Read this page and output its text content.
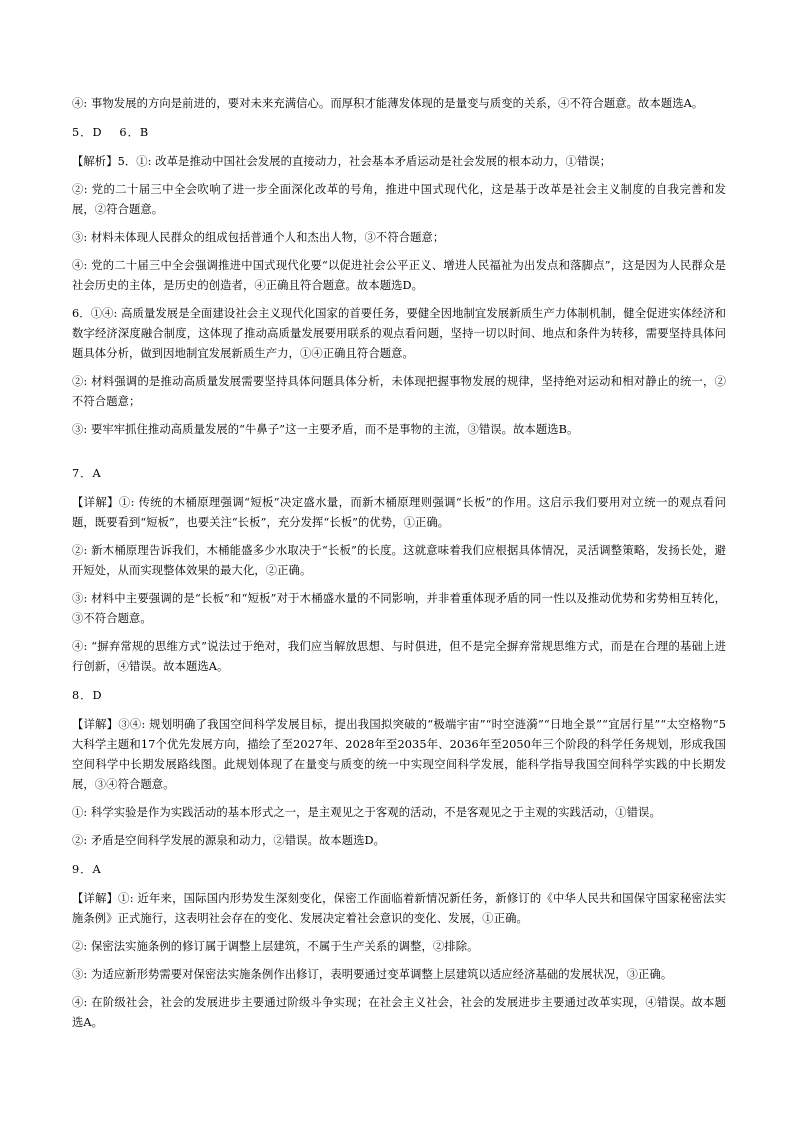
④: 事物发展的方向是前进的，要对未来充满信心。而厚积才能薄发体现的是量变与质变的关系，④不符合题意。故本题选A。

5．D　 6．B

【解析】5．①: 改革是推动中国社会发展的直接动力，社会基本矛盾运动是社会发展的根本动力，①错误；

②: 党的二十届三中全会吹响了进一步全面深化改革的号角，推进中国式现代化，这是基于改革是社会主义制度的自我完善和发展，②符合题意。

③: 材料未体现人民群众的组成包括普通个人和杰出人物，③不符合题意；

④: 党的二十届三中全会强调推进中国式现代化要“以促进社会公平正义、增进人民福祉为出发点和落脚点”，这是因为人民群众是社会历史的主体，是历史的创造者，④正确且符合题意。故本题选D。

6．①④: 高质量发展是全面建设社会主义现代化国家的首要任务，要健全因地制宜发展新质生产力体制机制，健全促进实体经济和数字经济深度融合制度，这体现了推动高质量发展要用联系的观点看问题，坚持一切以时间、地点和条件为转移，需要坚持具体问题具体分析，做到因地制宜发展新质生产力，①④正确且符合题意。

②: 材料强调的是推动高质量发展需要坚持具体问题具体分析，未体现把握事物发展的规律，坚持绝对运动和相对静止的统一，②不符合题意；

③: 要牢牢抓住推动高质量发展的“牛鼻子”这一主要矛盾，而不是事物的主流，③错误。故本题选B。

7．A

【详解】①: 传统的木桶原理强调“短板”决定盛水量，而新木桶原理则强调“长板”的作用。这启示我们要用对立统一的观点看问题，既要看到“短板”，也要关注“长板”，充分发挥“长板”的优势，①正确。

②: 新木桶原理告诉我们，木桶能盛多少水取决于“长板”的长度。这就意味着我们应根据具体情况，灵活调整策略，发扬长处，避开短处，从而实现整体效果的最大化，②正确。

③: 材料中主要强调的是“长板”和“短板”对于木桶盛水量的不同影响，并非着重体现矛盾的同一性以及推动优势和劣势相互转化，③不符合题意。

④: “摒弃常规的思维方式”说法过于绝对，我们应当解放思想、与时俱进，但不是完全摒弃常规思维方式，而是在合理的基础上进行创新，④错误。故本题选A。

8．D

【详解】③④: 规划明确了我国空间科学发展目标，提出我国拟突破的“极端宇宙”“时空涟漪”“日地全景”“宜居行星”“太空格物”5大科学主题和17个优先发展方向，描绘了至2027年、2028年至2035年、2036年至2050年三个阶段的科学任务规划，形成我国空间科学中长期发展路线图。此规划体现了在量变与质变的统一中实现空间科学发展，能科学指导我国空间科学实践的中长期发展，③④符合题意。

①: 科学实验是作为实践活动的基本形式之一，是主观见之于客观的活动，不是客观见之于主观的实践活动，①错误。

②: 矛盾是空间科学发展的源泉和动力，②错误。故本题选D。

9．A

【详解】①: 近年来，国际国内形势发生深刻变化，保密工作面临着新情况新任务，新修订的《中华人民共和国保守国家秘密法实施条例》正式施行，这表明社会存在的变化、发展决定着社会意识的变化、发展，①正确。

②: 保密法实施条例的修订属于调整上层建筑，不属于生产关系的调整，②排除。

③: 为适应新形势需要对保密法实施条例作出修订，表明要通过变革调整上层建筑以适应经济基础的发展状况，③正确。

④: 在阶级社会，社会的发展进步主要通过阶级斗争实现；在社会主义社会，社会的发展进步主要通过改革实现，④错误。故本题选A。
